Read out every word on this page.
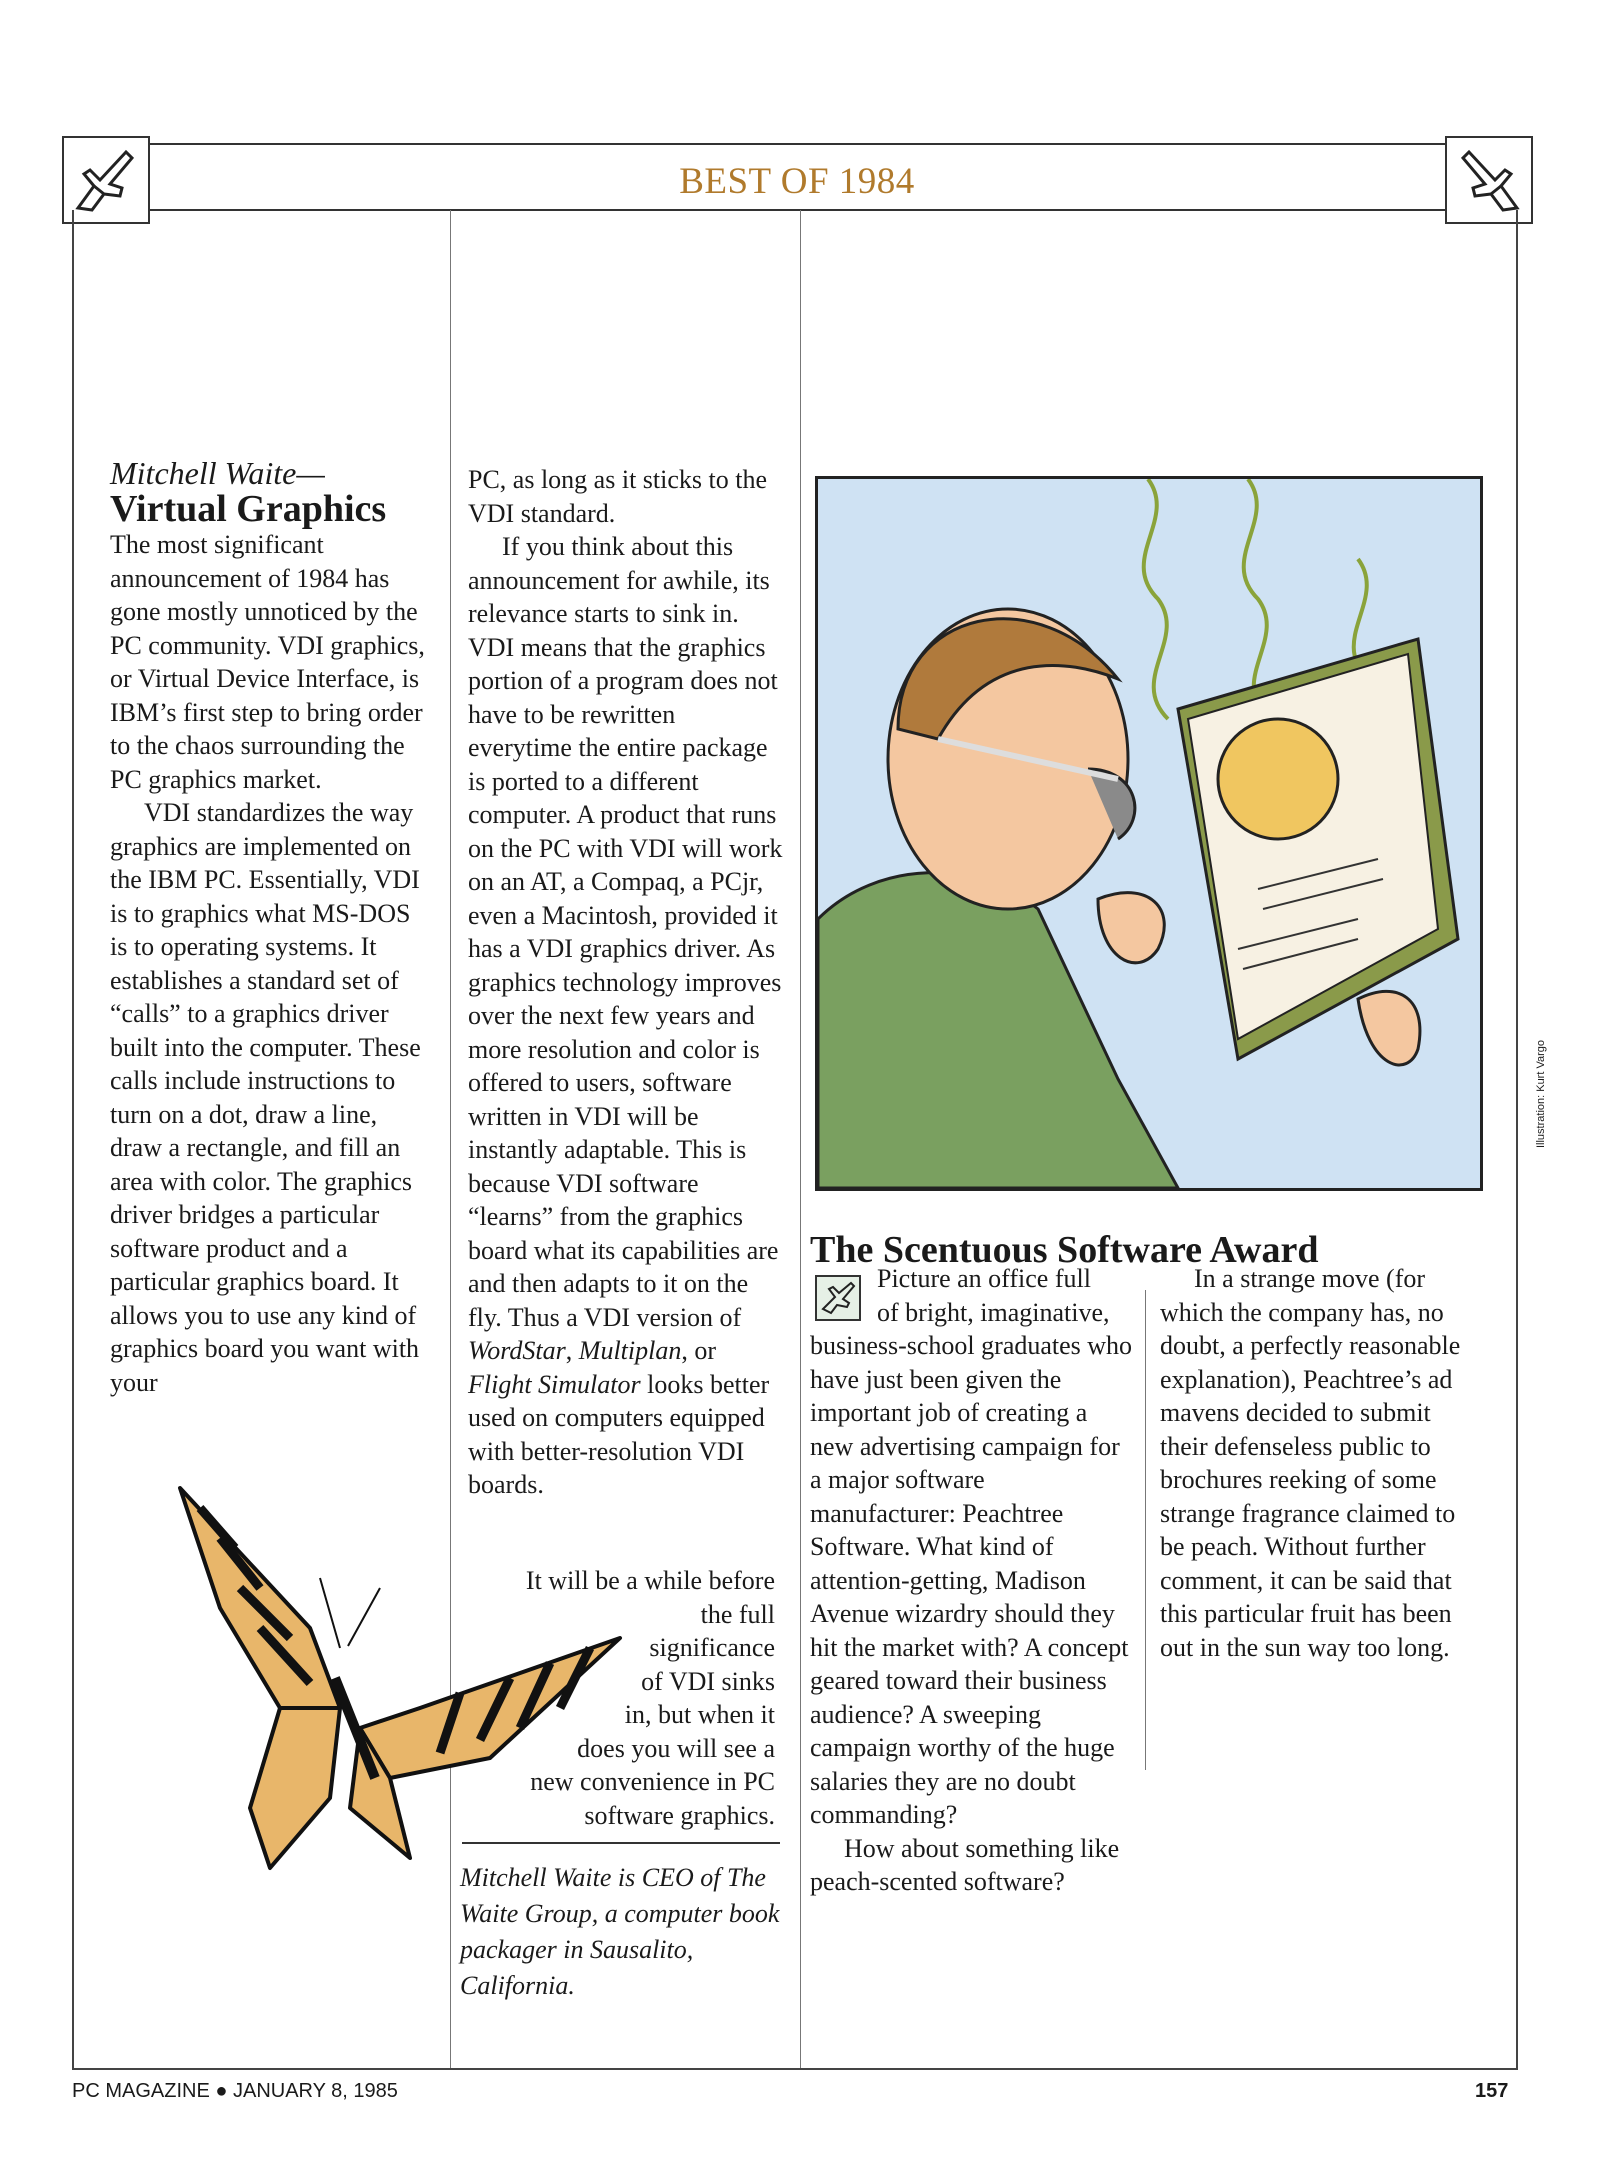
BEST OF 1984
Mitchell Waite—
Virtual Graphics

The most significant announcement of 1984 has gone mostly unnoticed by the PC community. VDI graphics, or Virtual Device Interface, is IBM’s first step to bring order to the chaos surrounding the PC graphics market.

VDI standardizes the way graphics are implemented on the IBM PC. Essentially, VDI is to graphics what MS-DOS is to operating systems. It establishes a standard set of “calls” to a graphics driver built into the computer. These calls include instructions to turn on a dot, draw a line, draw a rectangle, and fill an area with color. The graphics driver bridges a particular software product and a particular graphics board. It allows you to use any kind of graphics board you want with your

PC, as long as it sticks to the VDI standard.

If you think about this announcement for awhile, its relevance starts to sink in. VDI means that the graphics portion of a program does not have to be rewritten everytime the entire package is ported to a different computer. A product that runs on the PC with VDI will work on an AT, a Compaq, a PCjr, even a Macintosh, provided it has a VDI graphics driver. As graphics technology improves over the next few years and more resolution and color is offered to users, software written in VDI will be instantly adaptable. This is because VDI software “learns” from the graphics board what its capabilities are and then adapts to it on the fly. Thus a VDI version of WordStar, Multiplan, or Flight Simulator looks better used on computers equipped with better-resolution VDI boards.

It will be a while before
the full
significance
of VDI sinks
in, but when it
does you will see a
new convenience in PC
software graphics.
Mitchell Waite is CEO of The Waite Group, a computer book packager in Sausalito, California.
Illustration: Kurt Vargo
The Scentuous Software Award
Picture an office full
of bright, imaginative,

business-school graduates who have just been given the important job of creating a new advertising campaign for a major software manufacturer: Peachtree Software. What kind of attention-getting, Madison Avenue wizardry should they hit the market with? A concept geared toward their business audience? A sweeping campaign worthy of the huge salaries they are no doubt commanding?

How about something like peach-scented software?

In a strange move (for which the company has, no doubt, a perfectly reasonable explanation), Peachtree’s ad mavens decided to submit their defenseless public to brochures reeking of some strange fragrance claimed to be peach. Without further comment, it can be said that this particular fruit has been out in the sun way too long.

PC MAGAZINE ● JANUARY 8, 1985	157
